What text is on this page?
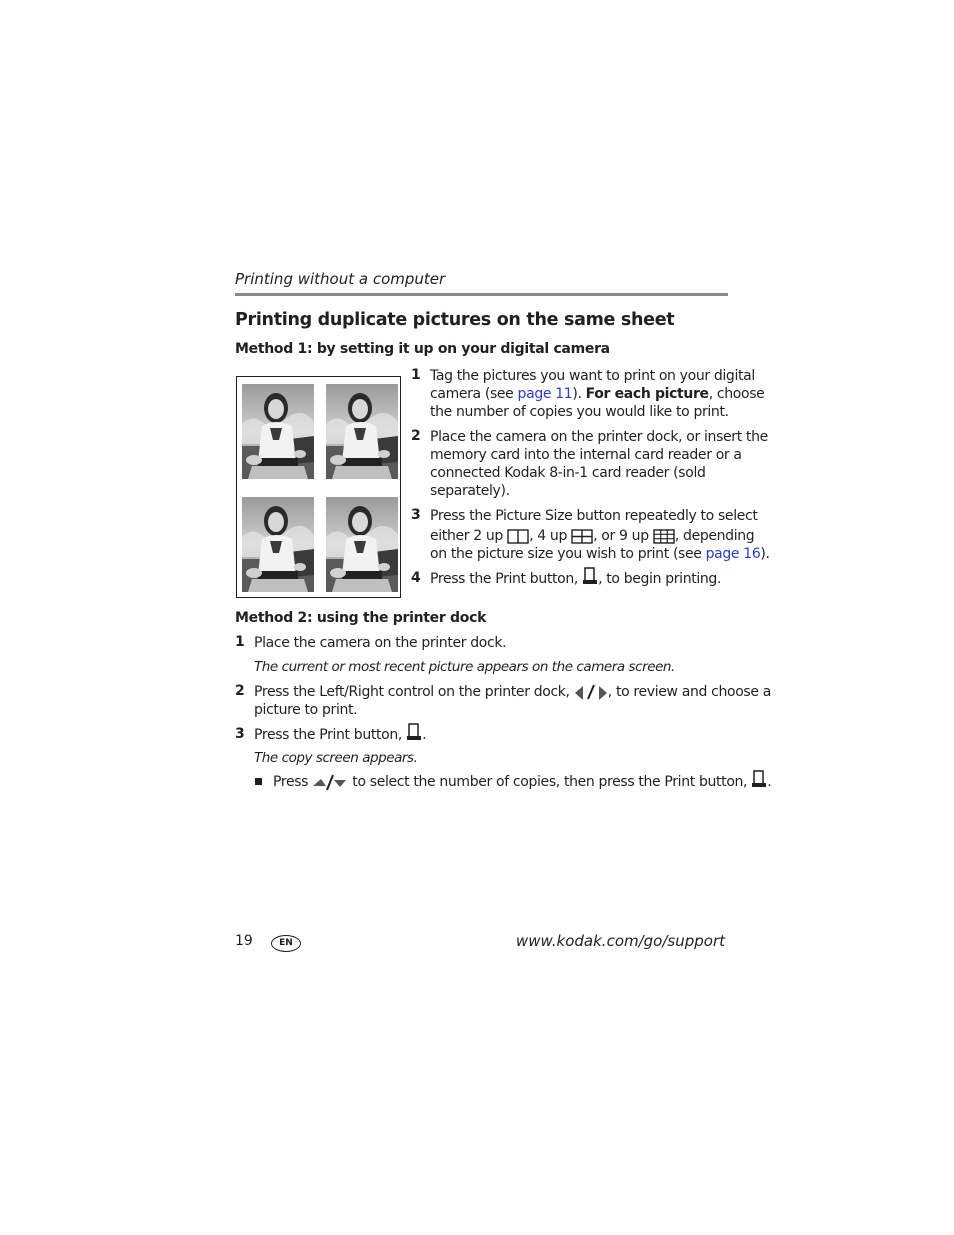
Printing without a computer
Printing duplicate pictures on the same sheet
Method 1: by setting it up on your digital camera
1 Tag the pictures you want to print on your digital
camera (see page 11). For each picture, choose
the number of copies you would like to print.
2 Place the camera on the printer dock, or insert the
memory card into the internal card reader or a
connected Kodak 8-in-1 card reader (sold
separately).
3 Press the Picture Size button repeatedly to select
either 2 up , 4 up , or 9 up , depending
on the picture size you wish to print (see page 16).
4 Press the Print button, , to begin printing.
Method 2: using the printer dock
1 Place the camera on the printer dock.
The current or most recent picture appears on the camera screen.
2 Press the Left/Right control on the printer dock, , to review and choose a
picture to print.
3 Press the Print button, .
The copy screen appears.
Press	to select the number of copies, then press the Print button, .
19	EN	www.kodak.com/go/support
